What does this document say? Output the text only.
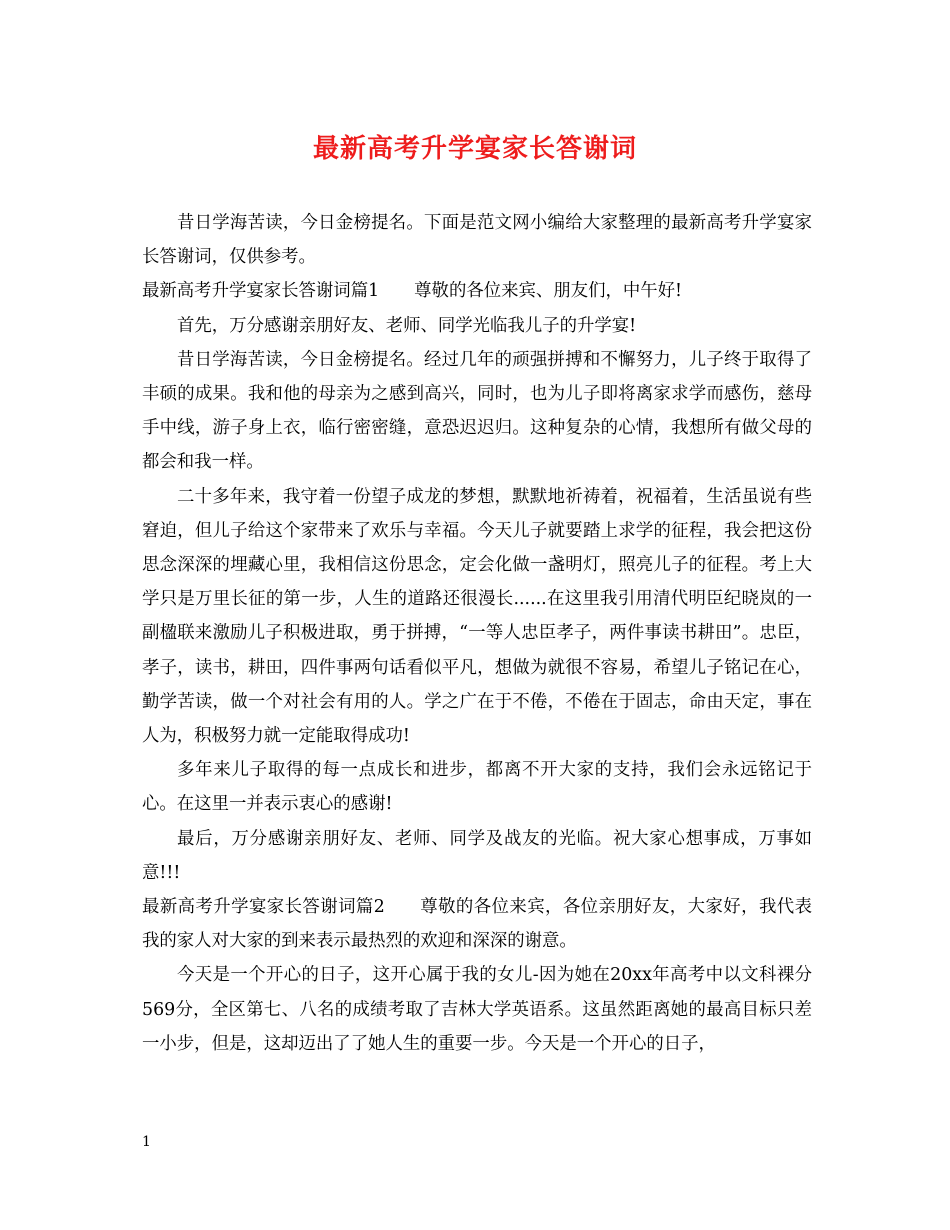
最新高考升学宴家长答谢词

昔日学海苦读，今日金榜提名。下面是范文网小编给大家整理的最新高考升学宴家长答谢词，仅供参考。

最新高考升学宴家长答谢词篇1 尊敬的各位来宾、朋友们，中午好!

首先，万分感谢亲朋好友、老师、同学光临我儿子的升学宴!

昔日学海苦读，今日金榜提名。经过几年的顽强拼搏和不懈努力，儿子终于取得了丰硕的成果。我和他的母亲为之感到高兴，同时，也为儿子即将离家求学而感伤，慈母手中线，游子身上衣，临行密密缝，意恐迟迟归。这种复杂的心情，我想所有做父母的都会和我一样。

二十多年来，我守着一份望子成龙的梦想，默默地祈祷着，祝福着，生活虽说有些窘迫，但儿子给这个家带来了欢乐与幸福。今天儿子就要踏上求学的征程，我会把这份思念深深的埋藏心里，我相信这份思念，定会化做一盏明灯，照亮儿子的征程。考上大学只是万里长征的第一步，人生的道路还很漫长......在这里我引用清代明臣纪晓岚的一副楹联来激励儿子积极进取，勇于拼搏，“一等人忠臣孝子，两件事读书耕田”。忠臣，孝子，读书，耕田，四件事两句话看似平凡，想做为就很不容易，希望儿子铭记在心，勤学苦读，做一个对社会有用的人。学之广在于不倦，不倦在于固志，命由天定，事在人为，积极努力就一定能取得成功!

多年来儿子取得的每一点成长和进步，都离不开大家的支持，我们会永远铭记于心。在这里一并表示衷心的感谢!

最后，万分感谢亲朋好友、老师、同学及战友的光临。祝大家心想事成，万事如意!!!

最新高考升学宴家长答谢词篇2 尊敬的各位来宾，各位亲朋好友，大家好，我代表我的家人对大家的到来表示最热烈的欢迎和深深的谢意。

今天是一个开心的日子，这开心属于我的女儿-因为她在20xx年高考中以文科裸分569分，全区第七、八名的成绩考取了吉林大学英语系。这虽然距离她的最高目标只差一小步，但是，这却迈出了了她人生的重要一步。今天是一个开心的日子，

1
